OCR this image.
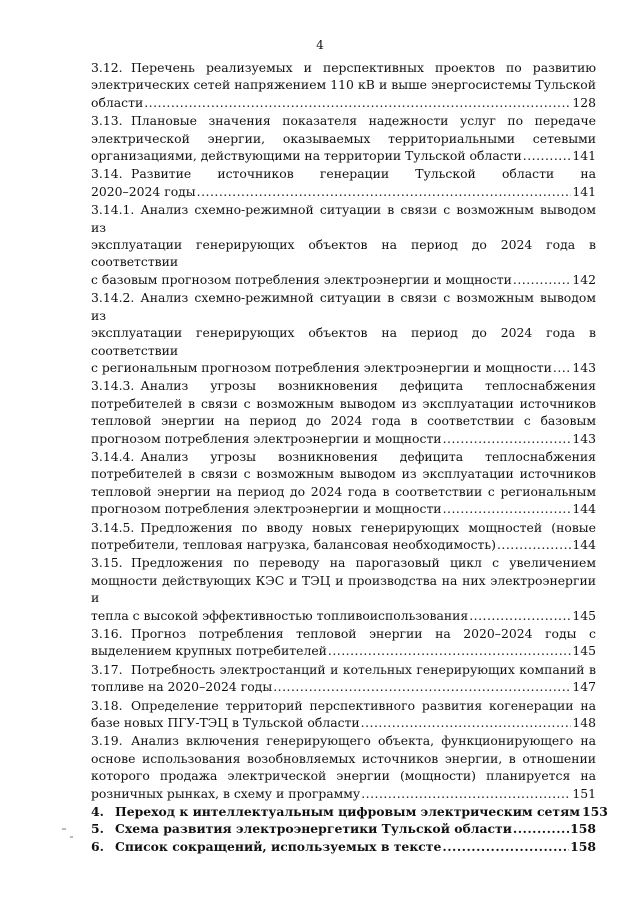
4
3.12. Перечень реализуемых и перспективных проектов по развитию
электрических сетей напряжением 110 кВ и выше энергосистемы Тульской
области .....	128
3.13. Плановые значения показателя надежности услуг по передаче
электрической энергии, оказываемых территориальными сетевыми
организациями, действующими на территории Тульской области .....	141
3.14. Развитие источников генерации Тульской области на
2020–2024 годы .....	141
3.14.1. Анализ схемно-режимной ситуации в связи с возможным выводом из
эксплуатации генерирующих объектов на период до 2024 года в соответствии
с базовым прогнозом потребления электроэнергии и мощности .....	142
3.14.2. Анализ схемно-режимной ситуации в связи с возможным выводом из
эксплуатации генерирующих объектов на период до 2024 года в соответствии
с региональным прогнозом потребления электроэнергии и мощности ..... 143
3.14.3. Анализ угрозы возникновения дефицита теплоснабжения
потребителей в связи с возможным выводом из эксплуатации источников
тепловой энергии на период до 2024 года в соответствии с базовым
прогнозом потребления электроэнергии и мощности .....	143
3.14.4. Анализ угрозы возникновения дефицита теплоснабжения
потребителей в связи с возможным выводом из эксплуатации источников
тепловой энергии на период до 2024 года в соответствии с региональным
прогнозом потребления электроэнергии и мощности .....	144
3.14.5. Предложения по вводу новых генерирующих мощностей (новые
потребители, тепловая нагрузка, балансовая необходимость) .....	144
3.15. Предложения по переводу на парогазовый цикл с увеличением
мощности действующих КЭС и ТЭЦ и производства на них электроэнергии и
тепла с высокой эффективностью топливоиспользования .....	145
3.16. Прогноз потребления тепловой энергии на 2020–2024 годы с
выделением крупных потребителей .....	145
3.17. Потребность электростанций и котельных генерирующих компаний в
топливе на 2020–2024 годы .....	147
3.18. Определение территорий перспективного развития когенерации на
базе новых ПГУ-ТЭЦ в Тульской области .....	148
3.19. Анализ включения генерирующего объекта, функционирующего на
основе использования возобновляемых источников энергии, в отношении
которого продажа электрической энергии (мощности) планируется на
розничных рынках, в схему и программу .....	151
4. Переход к интеллектуальным цифровым электрическим сетям 153
5. Схема развития электроэнергетики Тульской области .....	158
6. Список сокращений, используемых в тексте .....	158
